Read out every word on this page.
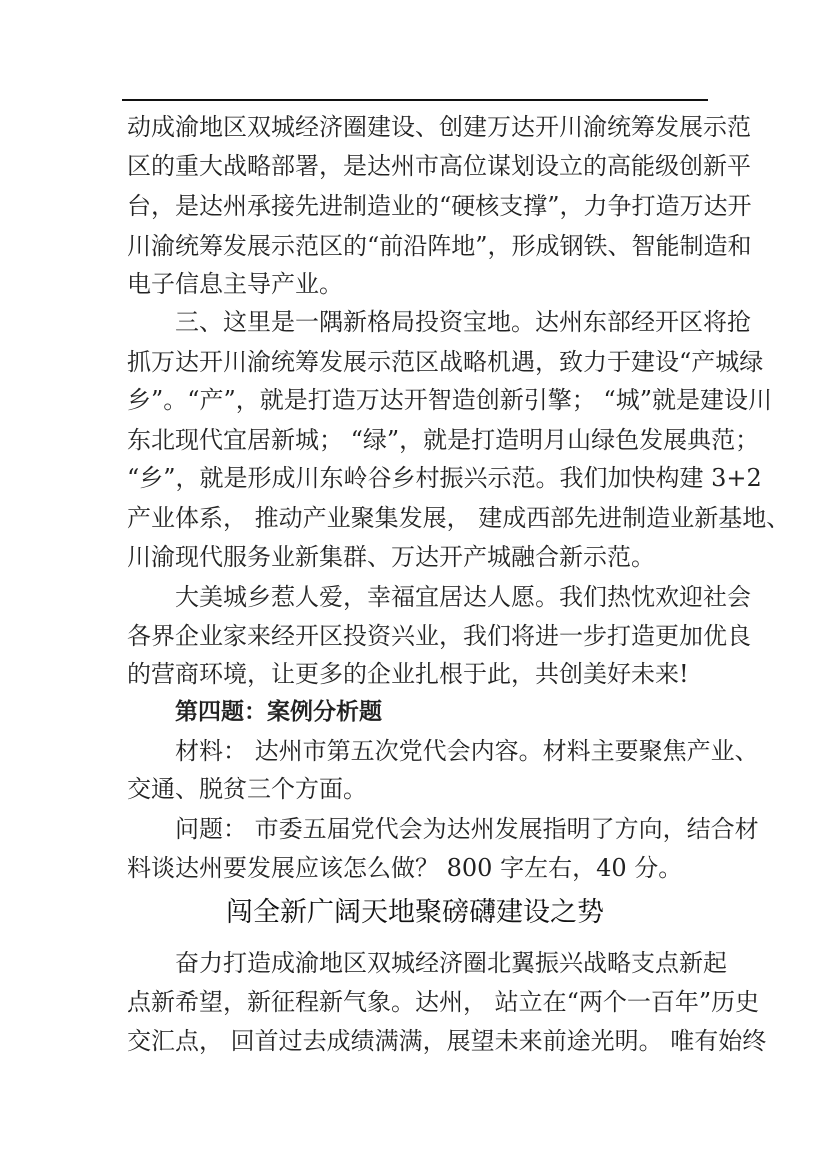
动成渝地区双城经济圈建设、创建万达开川渝统筹发展示范
区的重大战略部署，是达州市高位谋划设立的高能级创新平
台，是达州承接先进制造业的“硬核支撑”，力争打造万达开
川渝统筹发展示范区的“前沿阵地”，形成钢铁、智能制造和
电子信息主导产业。
三、这里是一隅新格局投资宝地。达州东部经开区将抢
抓万达开川渝统筹发展示范区战略机遇，致力于建设“产城绿
乡”。“产”，就是打造万达开智造创新引擎； “城”就是建设川
东北现代宜居新城； “绿”，就是打造明月山绿色发展典范；
“乡”，就是形成川东岭谷乡村振兴示范。我们加快构建 3+2
产业体系， 推动产业聚集发展， 建成西部先进制造业新基地、
川渝现代服务业新集群、万达开产城融合新示范。
大美城乡惹人爱，幸福宜居达人愿。我们热忱欢迎社会
各界企业家来经开区投资兴业，我们将进一步打造更加优良
的营商环境，让更多的企业扎根于此，共创美好未来!
第四题：案例分析题
材料： 达州市第五次党代会内容。材料主要聚焦产业、
交通、脱贫三个方面。
问题： 市委五届党代会为达州发展指明了方向，结合材
料谈达州要发展应该怎么做？ 800 字左右，40 分。
闯全新广阔天地聚磅礴建设之势
奋力打造成渝地区双城经济圈北翼振兴战略支点新起
点新希望，新征程新气象。达州， 站立在“两个一百年”历史
交汇点， 回首过去成绩满满，展望未来前途光明。 唯有始终
